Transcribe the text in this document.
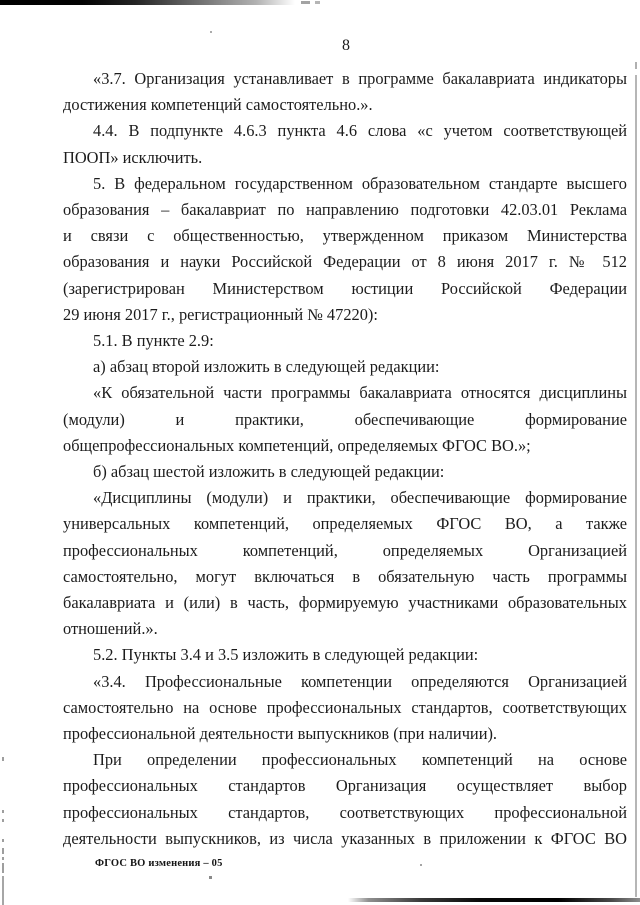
8
«3.7. Организация устанавливает в программе бакалавриата индикаторы
достижения компетенций самостоятельно.».
4.4. В подпункте 4.6.3 пункта 4.6 слова «с учетом соответствующей
ПООП» исключить.
5. В федеральном государственном образовательном стандарте высшего
образования – бакалавриат по направлению подготовки 42.03.01 Реклама
и связи с общественностью, утвержденном приказом Министерства
образования и науки Российской Федерации от 8 июня 2017 г. № 512
(зарегистрирован Министерством юстиции Российской Федерации
29 июня 2017 г., регистрационный № 47220):
5.1. В пункте 2.9:
а) абзац второй изложить в следующей редакции:
«К обязательной части программы бакалавриата относятся дисциплины
(модули) и практики, обеспечивающие формирование
общепрофессиональных компетенций, определяемых ФГОС ВО.»;
б) абзац шестой изложить в следующей редакции:
«Дисциплины (модули) и практики, обеспечивающие формирование
универсальных компетенций, определяемых ФГОС ВО, а также
профессиональных компетенций, определяемых Организацией
самостоятельно, могут включаться в обязательную часть программы
бакалавриата и (или) в часть, формируемую участниками образовательных
отношений.».
5.2. Пункты 3.4 и 3.5 изложить в следующей редакции:
«3.4. Профессиональные компетенции определяются Организацией
самостоятельно на основе профессиональных стандартов, соответствующих
профессиональной деятельности выпускников (при наличии).
При определении профессиональных компетенций на основе
профессиональных стандартов Организация осуществляет выбор
профессиональных стандартов, соответствующих профессиональной
деятельности выпускников, из числа указанных в приложении к ФГОС ВО
ФГОС ВО изменения – 05
